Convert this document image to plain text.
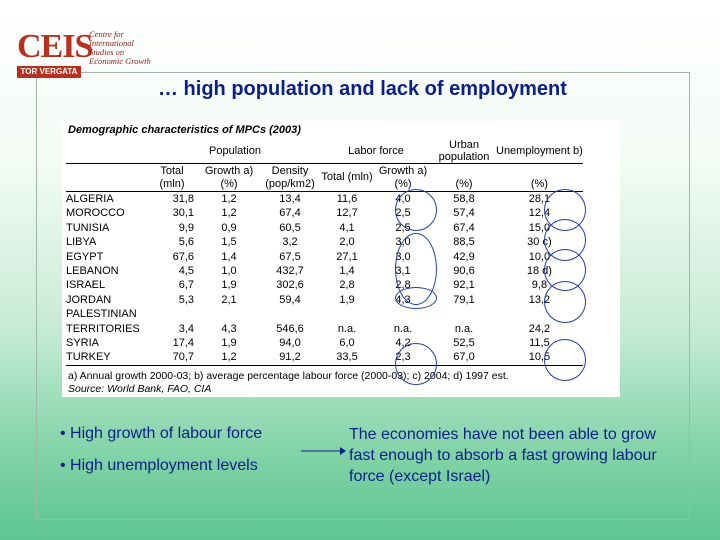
CEIS
Centre for International Studies on Economic Growth
TOR VERGATA
… high population and lack of employment
Demographic characteristics of MPCs (2003)
	Population			Labor force		Urban population	Unemployment b)
	Total (mln)	Growth a) (%)	Density (pop/km2)	Total (mln)	Growth a) (%)	(%)	(%)
ALGERIA	31,8	1,2	13,4	11,6	4,0	58,8	28,1
MOROCCO	30,1	1,2	67,4	12,7	2,5	57,4	12,4
TUNISIA	9,9	0,9	60,5	4,1	2,5	67,4	15,0
LIBYA	5,6	1,5	3,2	2,0	3,0	88,5	30 c)
EGYPT	67,6	1,4	67,5	27,1	3,0	42,9	10,0
LEBANON	4,5	1,0	432,7	1,4	3,1	90,6	18 d)
ISRAEL	6,7	1,9	302,6	2,8	2,8	92,1	9,8
JORDAN	5,3	2,1	59,4	1,9	4,3	79,1	13,2
PALESTINIAN							
TERRITORIES	3,4	4,3	546,6	n.a.	n.a.	n.a.	24,2
SYRIA	17,4	1,9	94,0	6,0	4,2	52,5	11,5
TURKEY	70,7	1,2	91,2	33,5	2,3	67,0	10,5
a) Annual growth 2000-03; b) average percentage labour force (2000-03); c) 2004; d) 1997 est.
Source: World Bank, FAO, CIA
• High growth of labour force
• High unemployment levels
The economies have not been able to grow fast enough to absorb a fast growing labour force (except Israel)
